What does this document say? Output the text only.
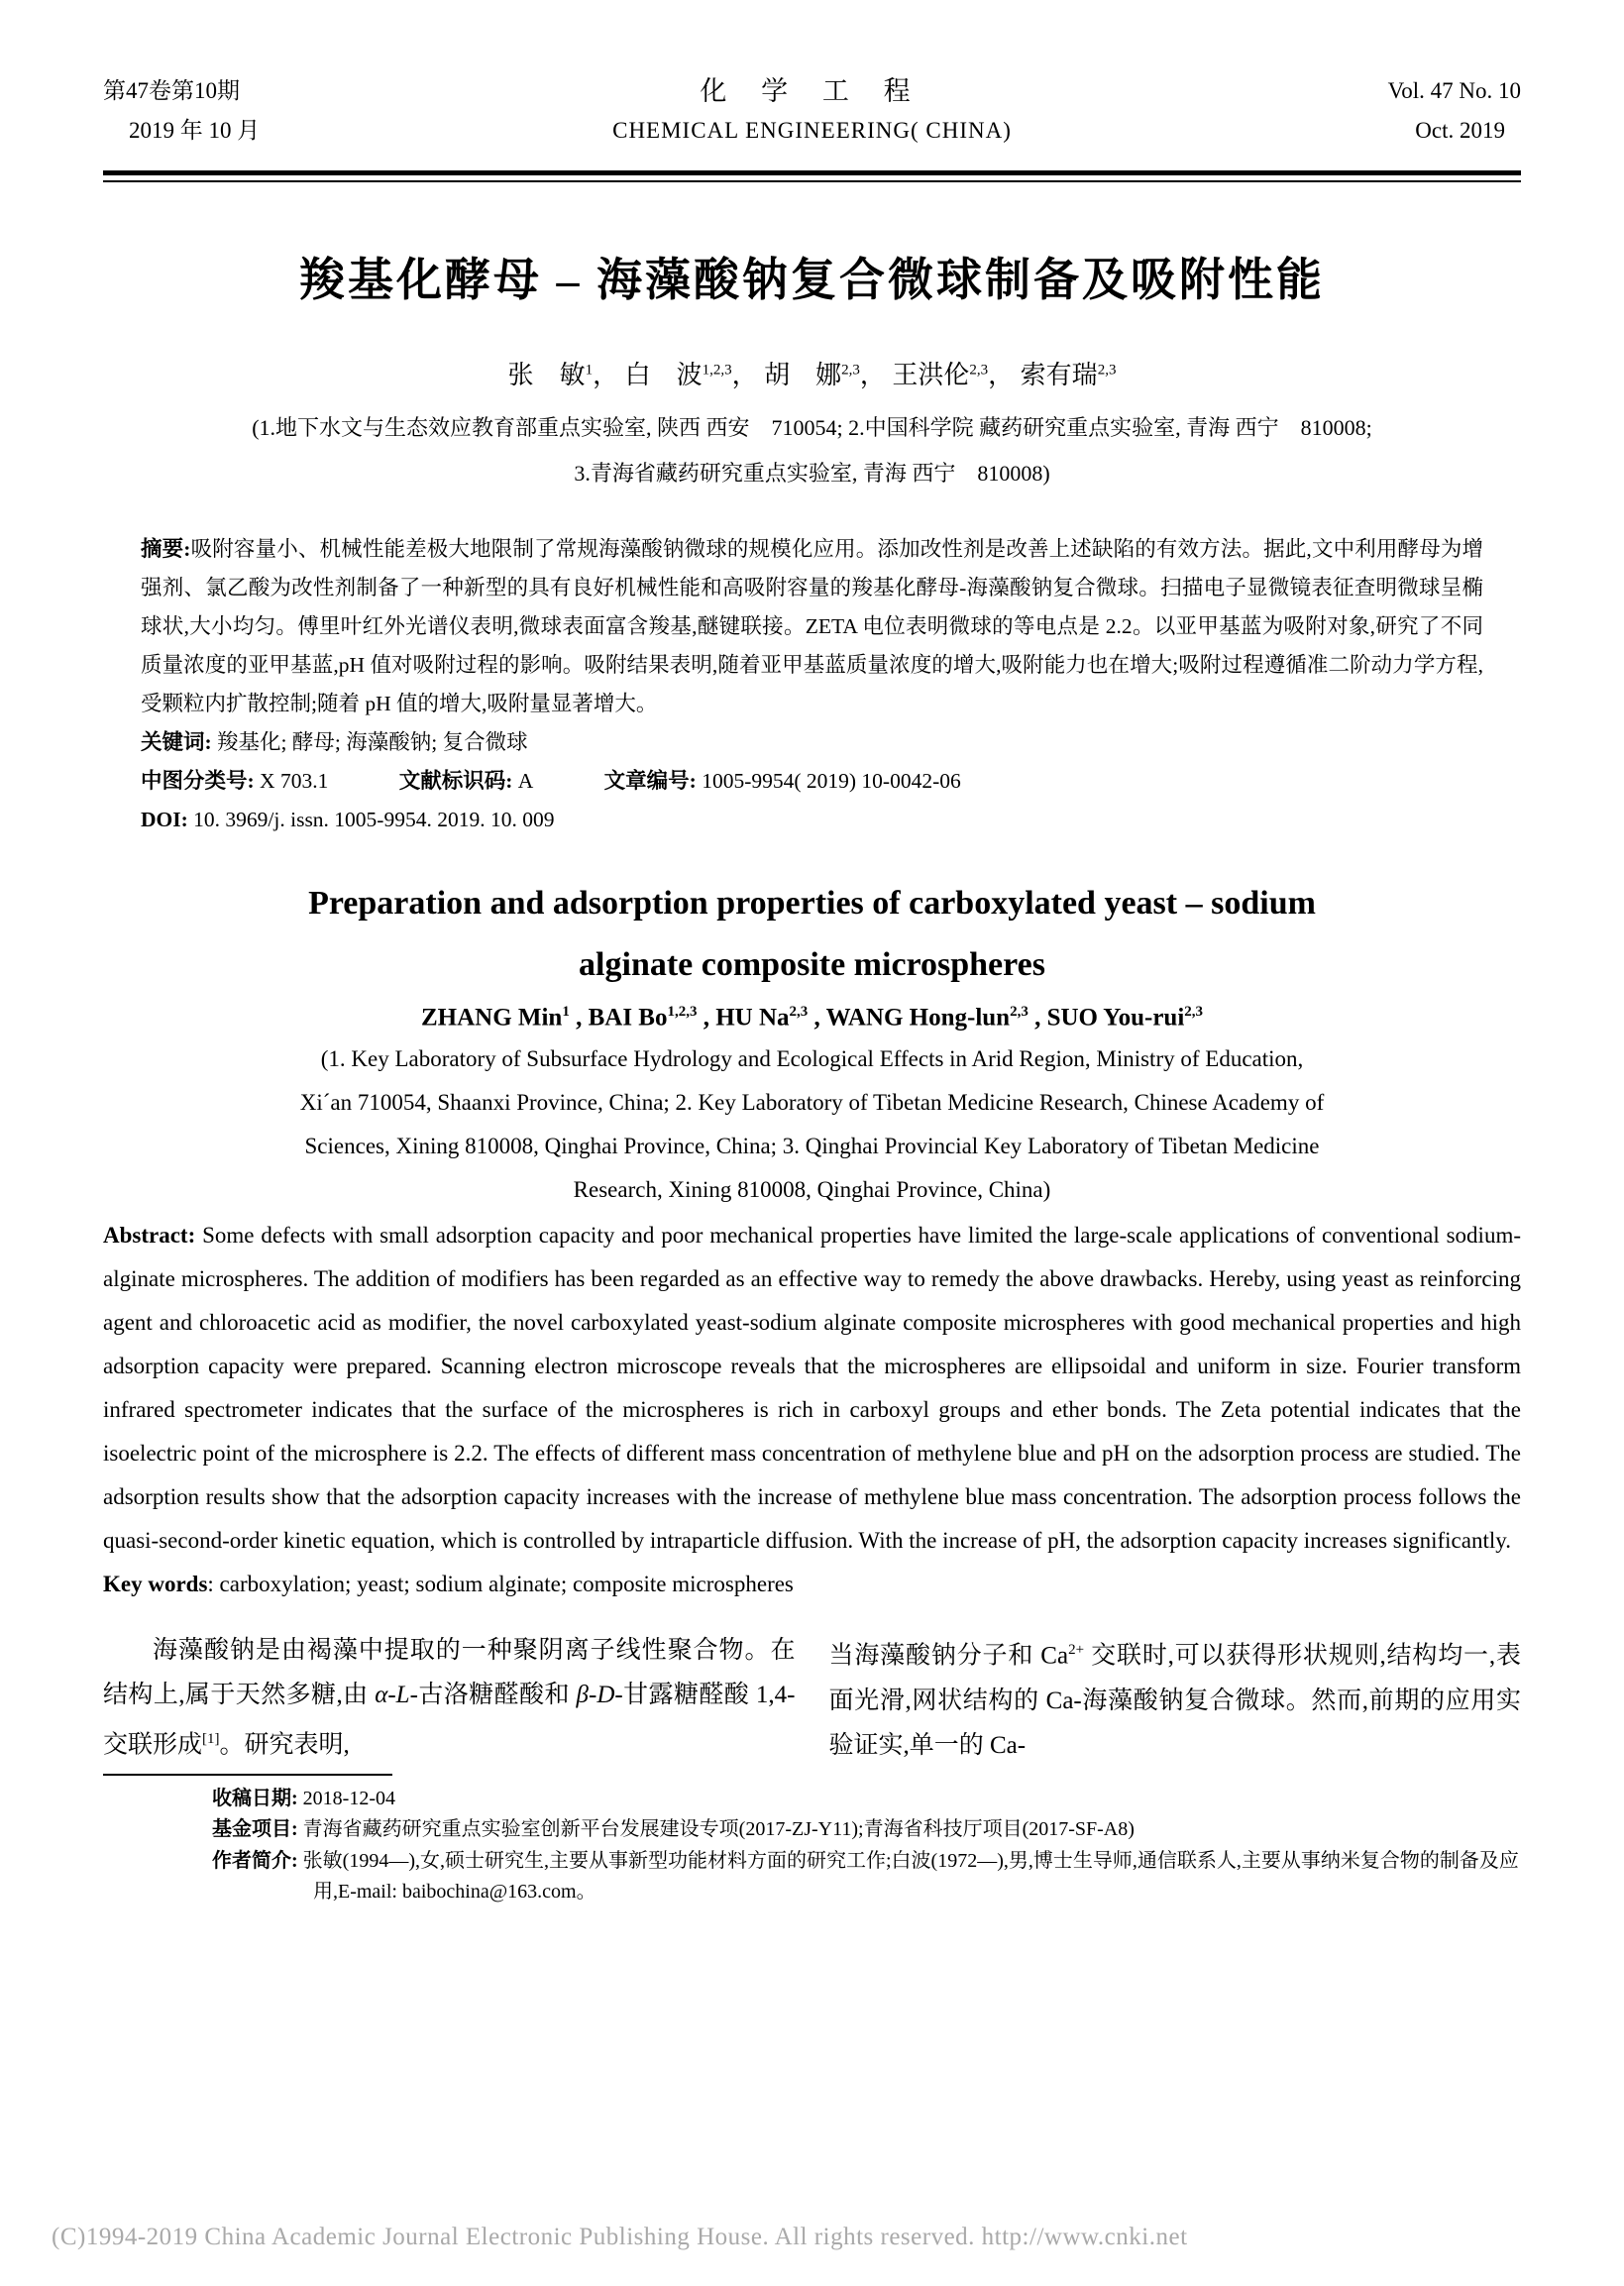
第47卷第10期
2019 年 10 月
化 学 工 程
CHEMICAL ENGINEERING( CHINA)
Vol. 47 No. 10
Oct. 2019
羧基化酵母 – 海藻酸钠复合微球制备及吸附性能
张　敏$^1$， 白　波$^{1,2,3}$， 胡　娜$^{2,3}$， 王洪伦$^{2,3}$， 索有瑞$^{2,3}$
(1.地下水文与生态效应教育部重点实验室, 陕西 西安　710054; 2.中国科学院 藏药研究重点实验室, 青海 西宁　810008;
3.青海省藏药研究重点实验室, 青海 西宁　810008)
摘要:吸附容量小、机械性能差极大地限制了常规海藻酸钠微球的规模化应用。添加改性剂是改善上述缺陷的有效方法。据此,文中利用酵母为增强剂、氯乙酸为改性剂制备了一种新型的具有良好机械性能和高吸附容量的羧基化酵母-海藻酸钠复合微球。扫描电子显微镜表征查明微球呈椭球状,大小均匀。傅里叶红外光谱仪表明,微球表面富含羧基,醚键联接。ZETA 电位表明微球的等电点是 2.2。以亚甲基蓝为吸附对象,研究了不同质量浓度的亚甲基蓝,pH 值对吸附过程的影响。吸附结果表明,随着亚甲基蓝质量浓度的增大,吸附能力也在增大;吸附过程遵循准二阶动力学方程,受颗粒内扩散控制;随着 pH 值的增大,吸附量显著增大。
关键词: 羧基化; 酵母; 海藻酸钠; 复合微球
中图分类号: X 703.1	文献标识码: A	文章编号: 1005-9954( 2019) 10-0042-06
DOI: 10. 3969/j. issn. 1005-9954. 2019. 10. 009
Preparation and adsorption properties of carboxylated yeast – sodium
alginate composite microspheres
ZHANG Min$^1$ , BAI Bo$^{1,2,3}$ , HU Na$^{2,3}$ , WANG Hong-lun$^{2,3}$ , SUO You-rui$^{2,3}$
(1. Key Laboratory of Subsurface Hydrology and Ecological Effects in Arid Region, Ministry of Education,
Xi´an 710054, Shaanxi Province, China; 2. Key Laboratory of Tibetan Medicine Research, Chinese Academy of
Sciences, Xining 810008, Qinghai Province, China; 3. Qinghai Provincial Key Laboratory of Tibetan Medicine
Research, Xining 810008, Qinghai Province, China)
Abstract: Some defects with small adsorption capacity and poor mechanical properties have limited the large-scale applications of conventional sodium-alginate microspheres. The addition of modifiers has been regarded as an effective way to remedy the above drawbacks. Hereby, using yeast as reinforcing agent and chloroacetic acid as modifier, the novel carboxylated yeast-sodium alginate composite microspheres with good mechanical properties and high adsorption capacity were prepared. Scanning electron microscope reveals that the microspheres are ellipsoidal and uniform in size. Fourier transform infrared spectrometer indicates that the surface of the microspheres is rich in carboxyl groups and ether bonds. The Zeta potential indicates that the isoelectric point of the microsphere is 2.2. The effects of different mass concentration of methylene blue and pH on the adsorption process are studied. The adsorption results show that the adsorption capacity increases with the increase of methylene blue mass concentration. The adsorption process follows the quasi-second-order kinetic equation, which is controlled by intraparticle diffusion. With the increase of pH, the adsorption capacity increases significantly.
Key words: carboxylation; yeast; sodium alginate; composite microspheres
海藻酸钠是由褐藻中提取的一种聚阴离子线性聚合物。在结构上,属于天然多糖,由 α-L-古洛糖醛酸和 β-D-甘露糖醛酸 1,4-交联形成[1]。研究表明,
当海藻酸钠分子和 $Ca^{2+}$ 交联时,可以获得形状规则,结构均一,表面光滑,网状结构的 Ca-海藻酸钠复合微球。然而,前期的应用实验证实,单一的 Ca-
收稿日期: 2018-12-04
基金项目: 青海省藏药研究重点实验室创新平台发展建设专项(2017-ZJ-Y11);青海省科技厅项目(2017-SF-A8)
作者简介: 张敏(1994—),女,硕士研究生,主要从事新型功能材料方面的研究工作;白波(1972—),男,博士生导师,通信联系人,主要从事纳米复合物的制备及应用,E-mail: baibochina@163.com。
(C)1994-2019 China Academic Journal Electronic Publishing House. All rights reserved. http://www.cnki.net
